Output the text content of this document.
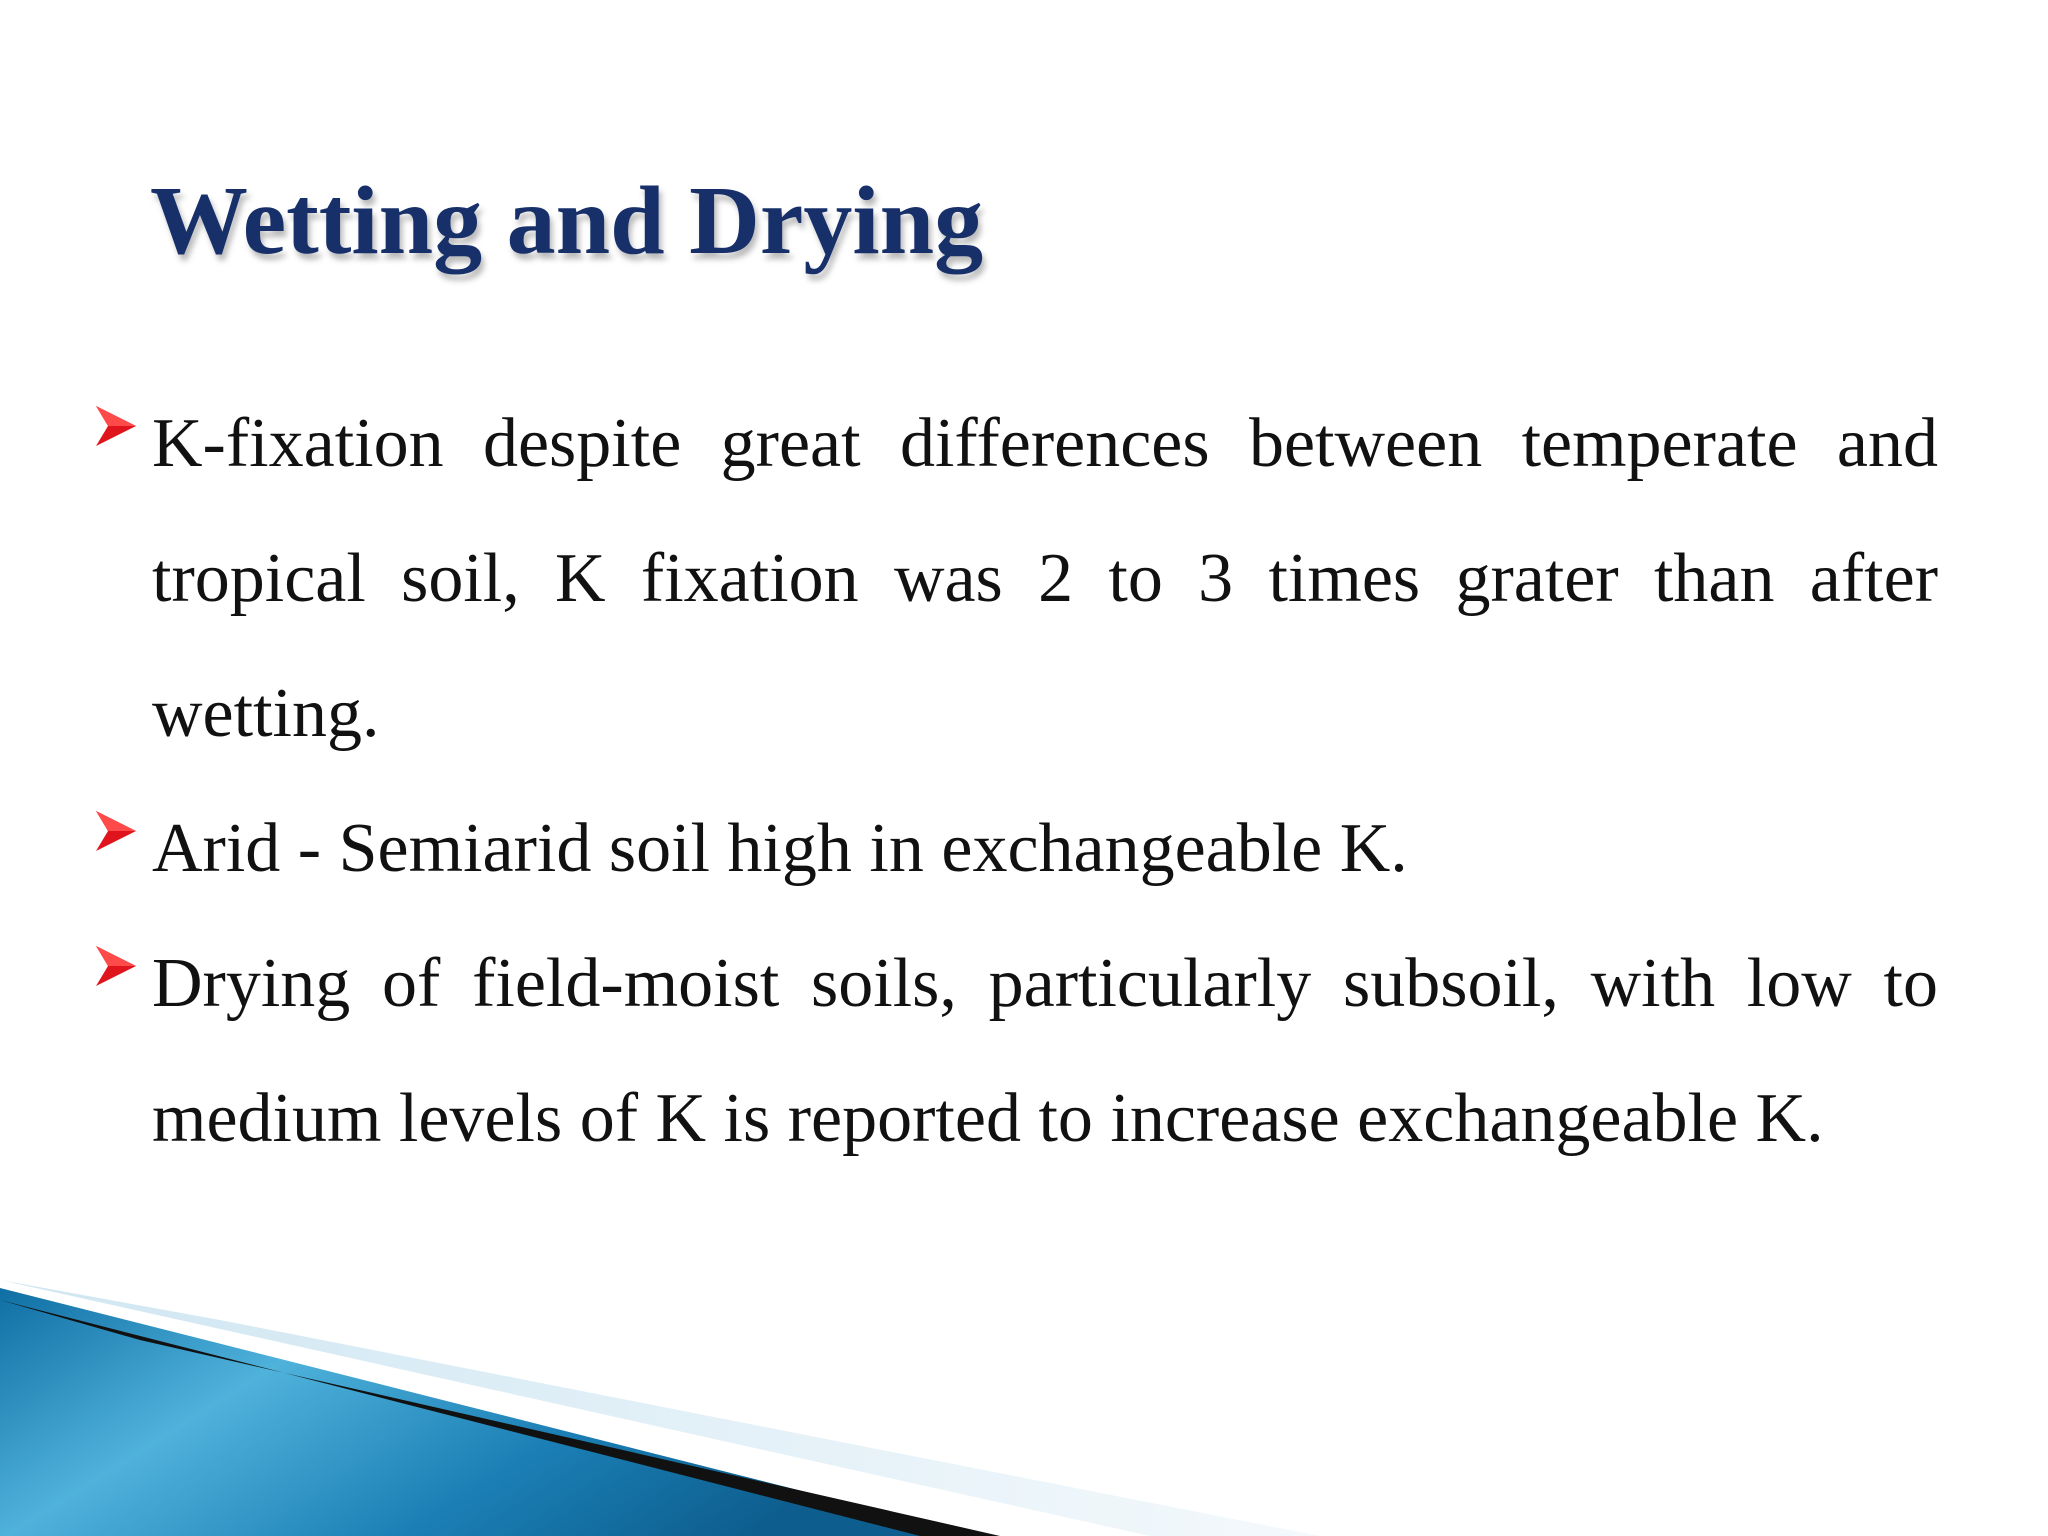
Wetting and Drying
K-fixation despite great differences between temperate and tropical soil, K fixation was 2 to 3 times grater than after wetting.
Arid - Semiarid soil high in exchangeable K.
Drying of field-moist soils, particularly subsoil, with low to medium levels of K is reported to increase exchangeable K.
